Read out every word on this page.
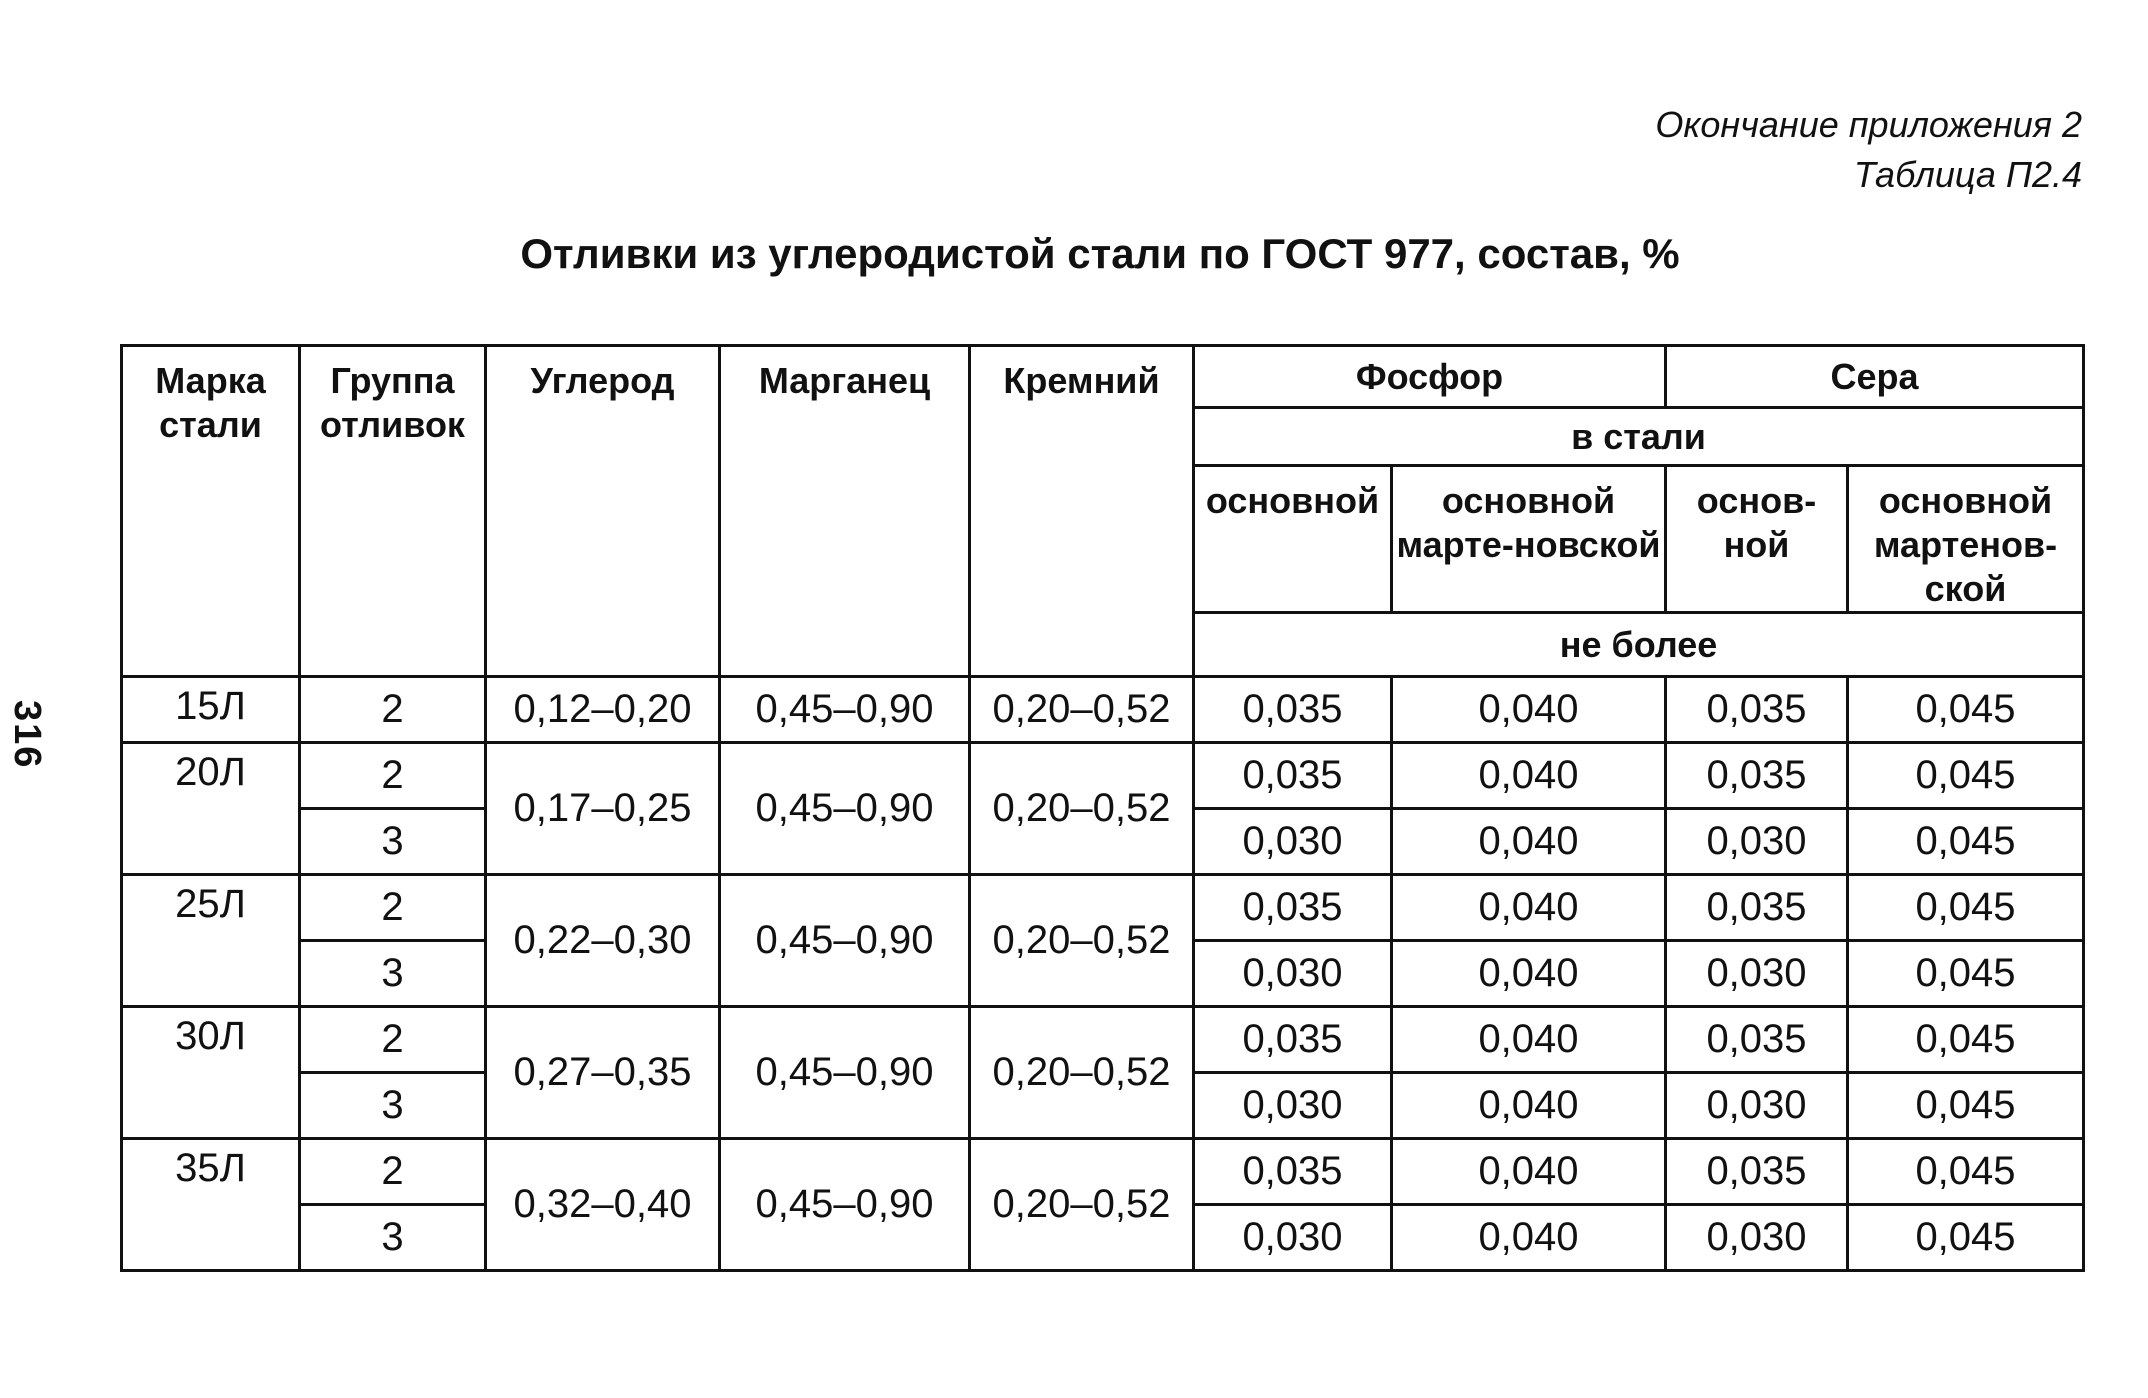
Окончание приложения 2
Таблица П2.4
Отливки из углеродистой стали по ГОСТ 977, состав, %
316
Марка стали	Группа отливок	Углерод	Марганец	Кремний	Фосфор		Сера	
					в стали			
					основной	основной марте-новской	основ-ной	основной мартенов-ской
					не более			
15Л	2	0,12–0,20	0,45–0,90	0,20–0,52	0,035	0,040	0,035	0,045
20Л	2	0,17–0,25	0,45–0,90	0,20–0,52	0,035	0,040	0,035	0,045
	3				0,030	0,040	0,030	0,045
25Л	2	0,22–0,30	0,45–0,90	0,20–0,52	0,035	0,040	0,035	0,045
	3				0,030	0,040	0,030	0,045
30Л	2	0,27–0,35	0,45–0,90	0,20–0,52	0,035	0,040	0,035	0,045
	3				0,030	0,040	0,030	0,045
35Л	2	0,32–0,40	0,45–0,90	0,20–0,52	0,035	0,040	0,035	0,045
	3				0,030	0,040	0,030	0,045
